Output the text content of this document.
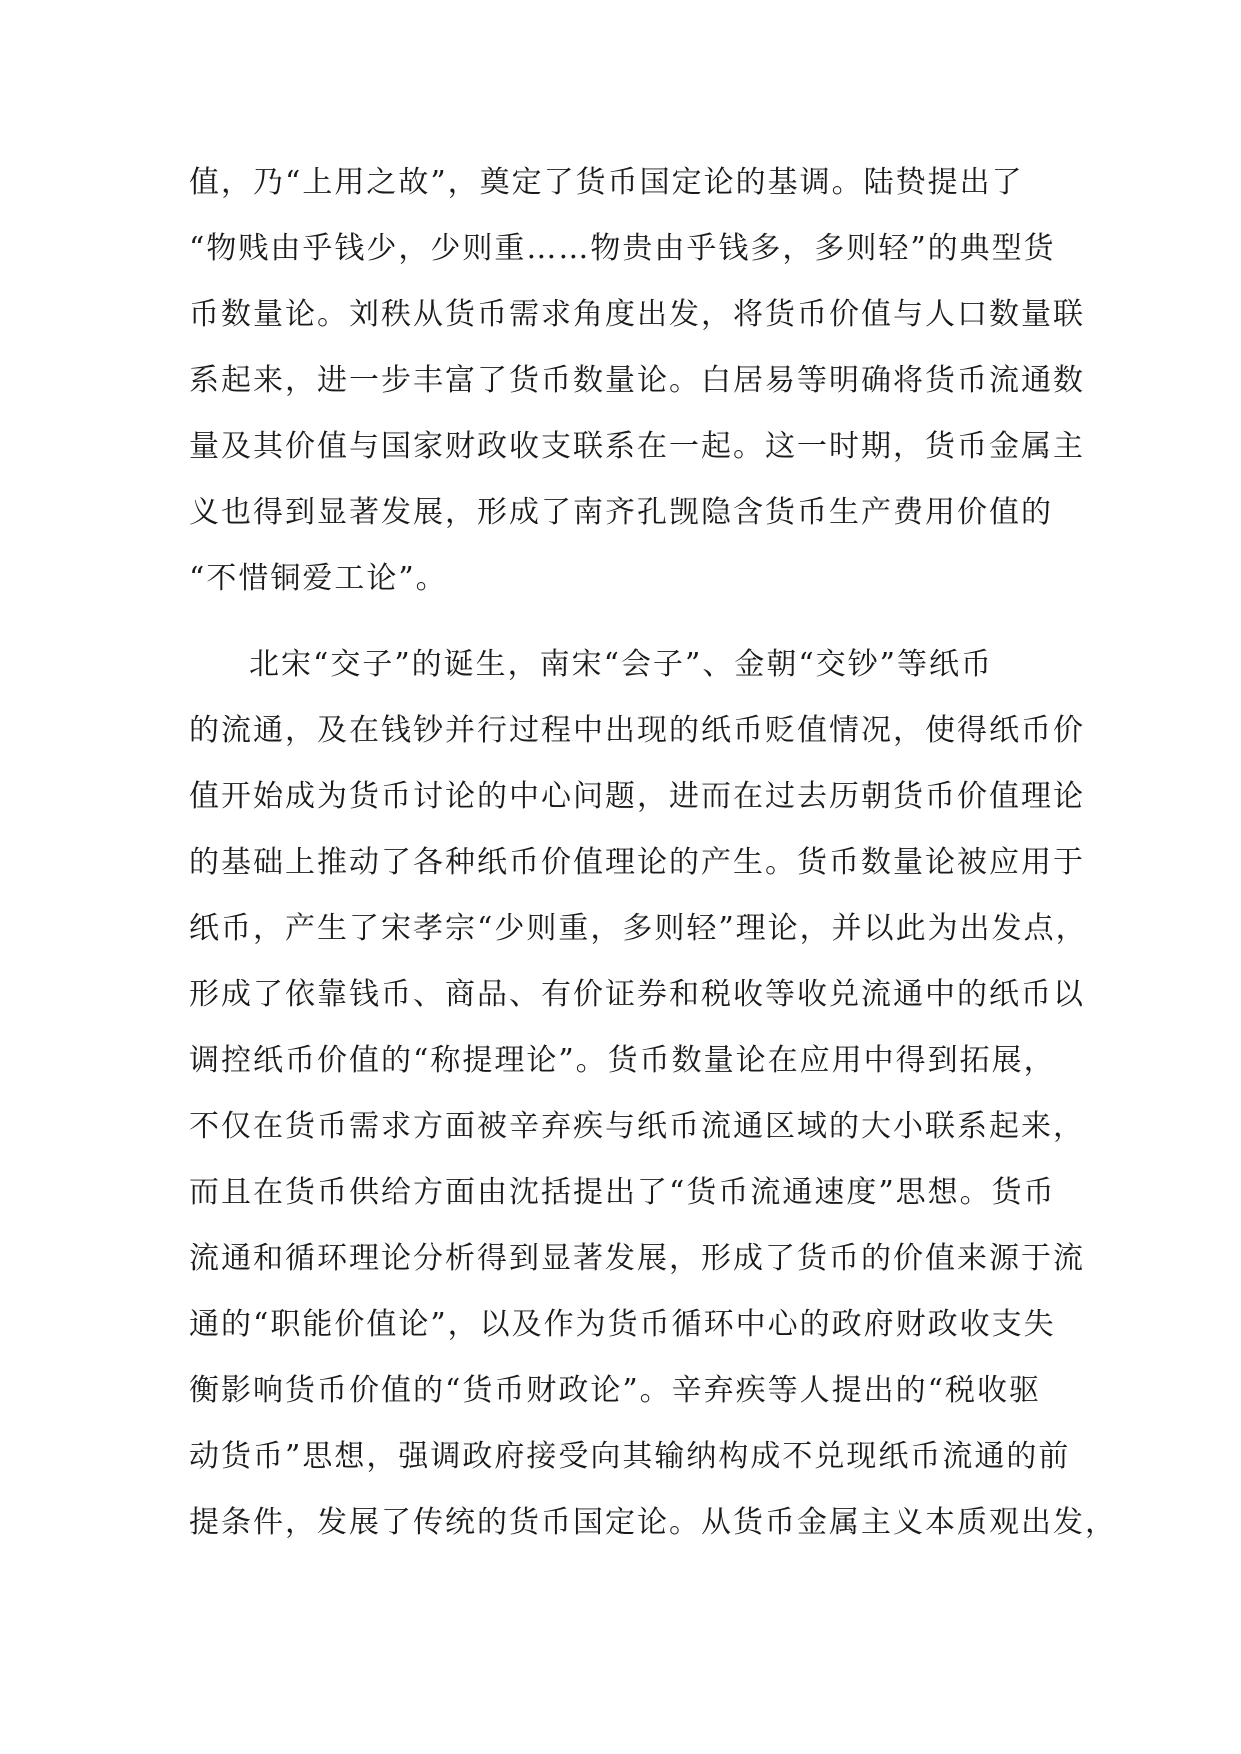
值，乃“上用之故”，奠定了货币国定论的基调。陆贽提出了
“物贱由乎钱少，少则重……物贵由乎钱多，多则轻”的典型货
币数量论。刘秩从货币需求角度出发，将货币价值与人口数量联
系起来，进一步丰富了货币数量论。白居易等明确将货币流通数
量及其价值与国家财政收支联系在一起。这一时期，货币金属主
义也得到显著发展，形成了南齐孔觊隐含货币生产费用价值的
“不惜铜爱工论”。
北宋“交子”的诞生，南宋“会子”、金朝“交钞”等纸币
的流通，及在钱钞并行过程中出现的纸币贬值情况，使得纸币价
值开始成为货币讨论的中心问题，进而在过去历朝货币价值理论
的基础上推动了各种纸币价值理论的产生。货币数量论被应用于
纸币，产生了宋孝宗“少则重，多则轻”理论，并以此为出发点，
形成了依靠钱币、商品、有价证券和税收等收兑流通中的纸币以
调控纸币价值的“称提理论”。货币数量论在应用中得到拓展，
不仅在货币需求方面被辛弃疾与纸币流通区域的大小联系起来，
而且在货币供给方面由沈括提出了“货币流通速度”思想。货币
流通和循环理论分析得到显著发展，形成了货币的价值来源于流
通的“职能价值论”，以及作为货币循环中心的政府财政收支失
衡影响货币价值的“货币财政论”。辛弃疾等人提出的“税收驱
动货币”思想，强调政府接受向其输纳构成不兑现纸币流通的前
提条件，发展了传统的货币国定论。从货币金属主义本质观出发，
